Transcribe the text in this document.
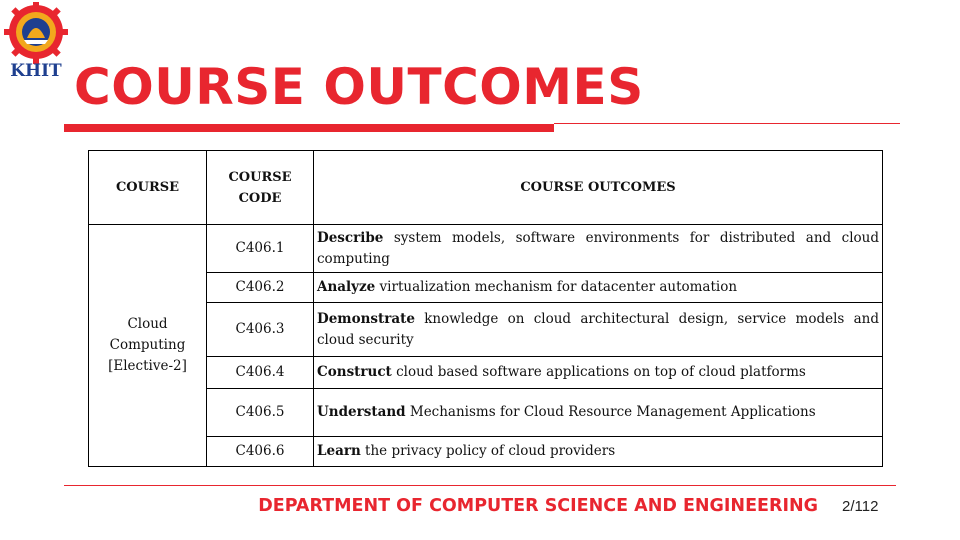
KHIT COURSE OUTCOMES
COURSE	COURSE CODE	COURSE OUTCOMES
Cloud Computing [Elective-2]	C406.1	Describe system models, software environments for distributed and cloud computing
	C406.2	Analyze virtualization mechanism for datacenter automation
	C406.3	Demonstrate knowledge on cloud architectural design, service models and cloud security
	C406.4	Construct cloud based software applications on top of cloud platforms
	C406.5	Understand Mechanisms for Cloud Resource Management Applications
	C406.6	Learn the privacy policy of cloud providers
DEPARTMENT OF COMPUTER SCIENCE AND ENGINEERING 2/112
